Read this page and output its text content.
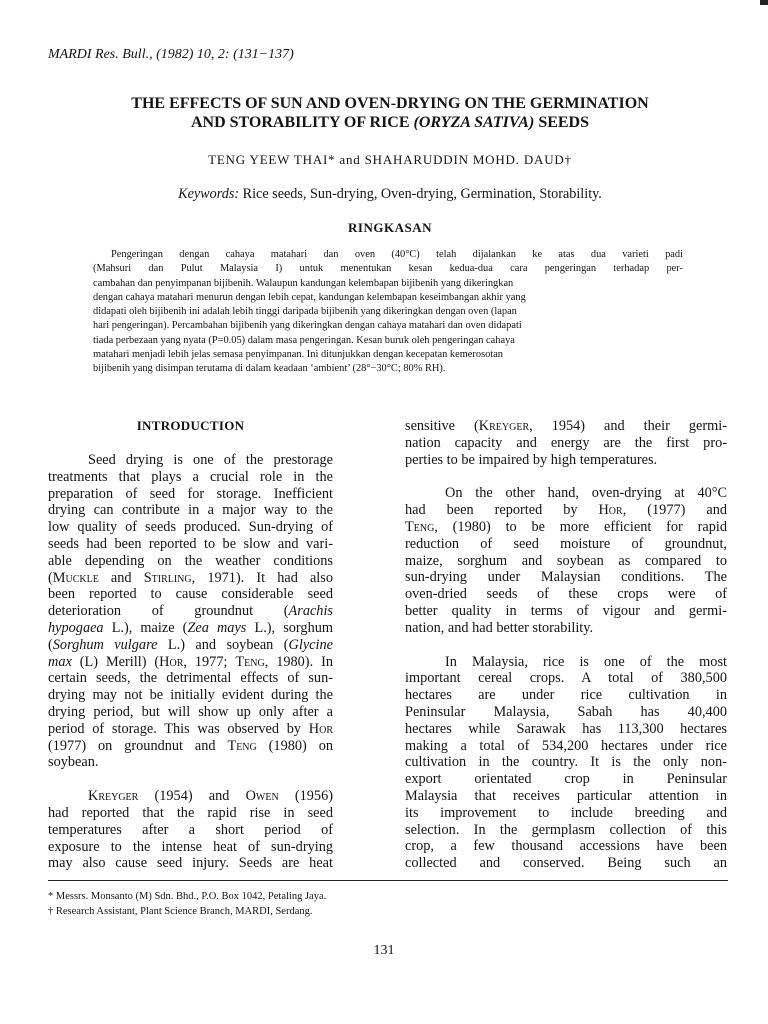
MARDI Res. Bull., (1982) 10, 2: (131−137)
THE EFFECTS OF SUN AND OVEN-DRYING ON THE GERMINATION
AND STORABILITY OF RICE (ORYZA SATIVA) SEEDS
TENG YEEW THAI* and SHAHARUDDIN MOHD. DAUD†
Keywords: Rice seeds, Sun-drying, Oven-drying, Germination, Storability.
RINGKASAN
Pengeringan dengan cahaya matahari dan oven (40°C) telah dijalankan ke atas dua varieti padi
(Mahsuri dan Pulut Malaysia I) untuk menentukan kesan kedua-dua cara pengeringan terhadap per-
cambahan dan penyimpanan bijibenih. Walaupun kandungan kelembapan bijibenih yang dikeringkan
dengan cahaya matahari menurun dengan lebih cepat, kandungan kelembapan keseimbangan akhir yang
didapati oleh bijibenih ini adalah lebih tinggi daripada bijibenih yang dikeringkan dengan oven (lapan
hari pengeringan). Percambahan bijibenih yang dikeringkan dengan cahaya matahari dan oven didapati
tiada perbezaan yang nyata (P=0.05) dalam masa pengeringan. Kesan buruk oleh pengeringan cahaya
matahari menjadi lebih jelas semasa penyimpanan. Ini ditunjukkan dengan kecepatan kemerosotan
bijibenih yang disimpan terutama di dalam keadaan ‘ambient’ (28°−30°C; 80% RH).
INTRODUCTION

Seed drying is one of the prestorage
treatments that plays a crucial role in the
preparation of seed for storage. Inefficient
drying can contribute in a major way to the
low quality of seeds produced. Sun-drying of
seeds had been reported to be slow and vari-
able depending on the weather conditions
(Muckle and Stirling, 1971). It had also
been reported to cause considerable seed
deterioration of groundnut (Arachis
hypogaea L.), maize (Zea mays L.), sorghum
(Sorghum vulgare L.) and soybean (Glycine
max (L) Merill) (Hor, 1977; Teng, 1980). In
certain seeds, the detrimental effects of sun-
drying may not be initially evident during the
drying period, but will show up only after a
period of storage. This was observed by Hor
(1977) on groundnut and Teng (1980) on
soybean.

Kreyger (1954) and Owen (1956)
had reported that the rapid rise in seed
temperatures after a short period of
exposure to the intense heat of sun-drying
may also cause seed injury. Seeds are heat

sensitive (Kreyger, 1954) and their germi-
nation capacity and energy are the first pro-
perties to be impaired by high temperatures.

On the other hand, oven-drying at 40°C
had been reported by Hor, (1977) and
Teng, (1980) to be more efficient for rapid
reduction of seed moisture of groundnut,
maize, sorghum and soybean as compared to
sun-drying under Malaysian conditions. The
oven-dried seeds of these crops were of
better quality in terms of vigour and germi-
nation, and had better storability.

In Malaysia, rice is one of the most
important cereal crops. A total of 380,500
hectares are under rice cultivation in
Peninsular Malaysia, Sabah has 40,400
hectares while Sarawak has 113,300 hectares
making a total of 534,200 hectares under rice
cultivation in the country. It is the only non-
export orientated crop in Peninsular
Malaysia that receives particular attention in
its improvement to include breeding and
selection. In the germplasm collection of this
crop, a few thousand accessions have been
collected and conserved. Being such an

* Messrs. Monsanto (M) Sdn. Bhd., P.O. Box 1042, Petaling Jaya.
† Research Assistant, Plant Science Branch, MARDI, Serdang.
131
